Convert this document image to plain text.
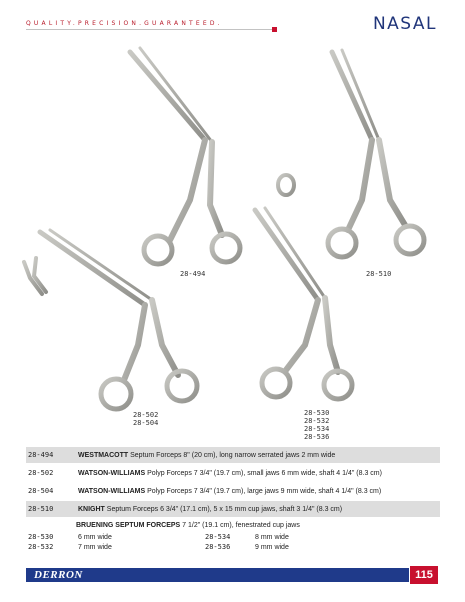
QUALITY.PRECISION.GUARANTEED.	NASAL
28-494	28-510
28-502
28-504
28-530
28-532
28-534
28-536
28-494	WESTMACOTT Septum Forceps 8" (20 cm), long narrow serrated jaws 2 mm wide
28-502	WATSON-WILLIAMS Polyp Forceps 7 3/4" (19.7 cm), small jaws 6 mm wide, shaft 4 1/4" (8.3 cm)
28-504	WATSON-WILLIAMS Polyp Forceps 7 3/4" (19.7 cm), large jaws 9 mm wide, shaft 4 1/4" (8.3 cm)
28-510	KNIGHT Septum Forceps 6 3/4" (17.1 cm), 5 x 15 mm cup jaws, shaft 3 1/4" (8.3 cm)
BRUENING SEPTUM FORCEPS 7 1/2" (19.1 cm), fenestrated cup jaws
28-530	6 mm wide
28-532	7 mm wide
28-534	8 mm wide
28-536	9 mm wide
DERRON	115
